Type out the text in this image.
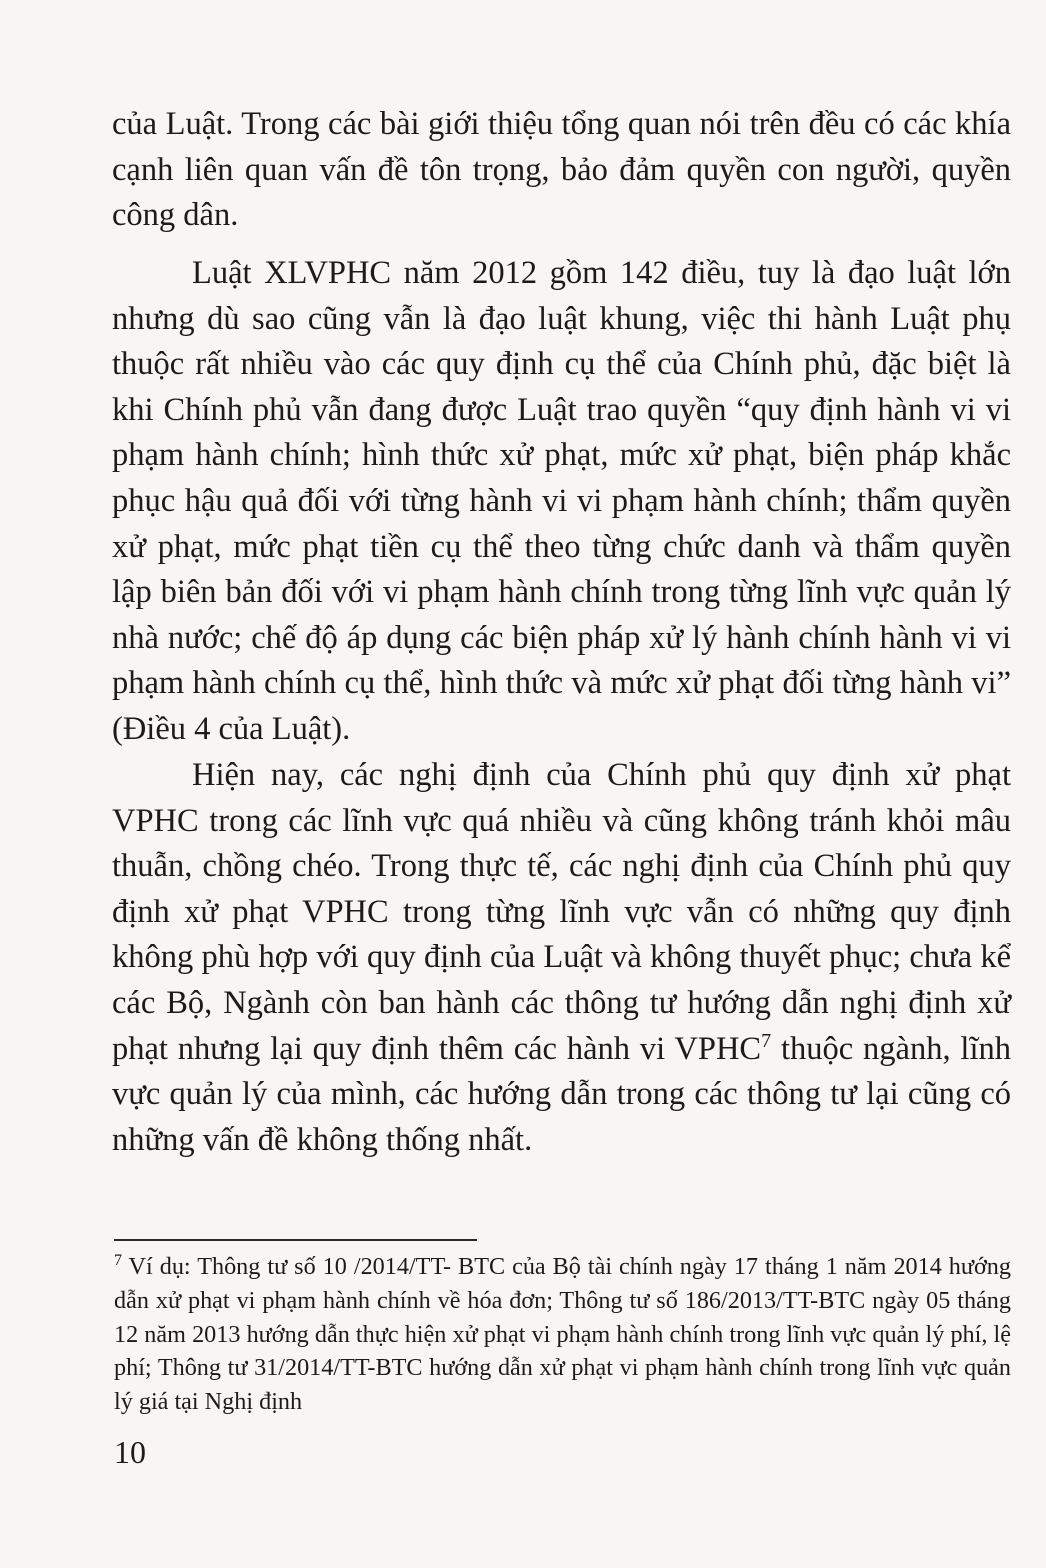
của Luật. Trong các bài giới thiệu tổng quan nói trên đều có các khía cạnh liên quan vấn đề tôn trọng, bảo đảm quyền con người, quyền công dân.

Luật XLVPHC năm 2012 gồm 142 điều, tuy là đạo luật lớn nhưng dù sao cũng vẫn là đạo luật khung, việc thi hành Luật phụ thuộc rất nhiều vào các quy định cụ thể của Chính phủ, đặc biệt là khi Chính phủ vẫn đang được Luật trao quyền “quy định hành vi vi phạm hành chính; hình thức xử phạt, mức xử phạt, biện pháp khắc phục hậu quả đối với từng hành vi vi phạm hành chính; thẩm quyền xử phạt, mức phạt tiền cụ thể theo từng chức danh và thẩm quyền lập biên bản đối với vi phạm hành chính trong từng lĩnh vực quản lý nhà nước; chế độ áp dụng các biện pháp xử lý hành chính hành vi vi phạm hành chính cụ thể, hình thức và mức xử phạt đối từng hành vi” (Điều 4 của Luật).

Hiện nay, các nghị định của Chính phủ quy định xử phạt VPHC trong các lĩnh vực quá nhiều và cũng không tránh khỏi mâu thuẫn, chồng chéo. Trong thực tế, các nghị định của Chính phủ quy định xử phạt VPHC trong từng lĩnh vực vẫn có những quy định không phù hợp với quy định của Luật và không thuyết phục; chưa kể các Bộ, Ngành còn ban hành các thông tư hướng dẫn nghị định xử phạt nhưng lại quy định thêm các hành vi VPHC$^7$ thuộc ngành, lĩnh vực quản lý của mình, các hướng dẫn trong các thông tư lại cũng có những vấn đề không thống nhất.

$^7$ Ví dụ: Thông tư số 10 /2014/TT- BTC của Bộ tài chính ngày 17 tháng 1 năm 2014 hướng dẫn xử phạt vi phạm hành chính về hóa đơn; Thông tư số 186/2013/TT-BTC ngày 05 tháng 12 năm 2013 hướng dẫn thực hiện xử phạt vi phạm hành chính trong lĩnh vực quản lý phí, lệ phí; Thông tư 31/2014/TT-BTC hướng dẫn xử phạt vi phạm hành chính trong lĩnh vực quản lý giá tại Nghị định

10
